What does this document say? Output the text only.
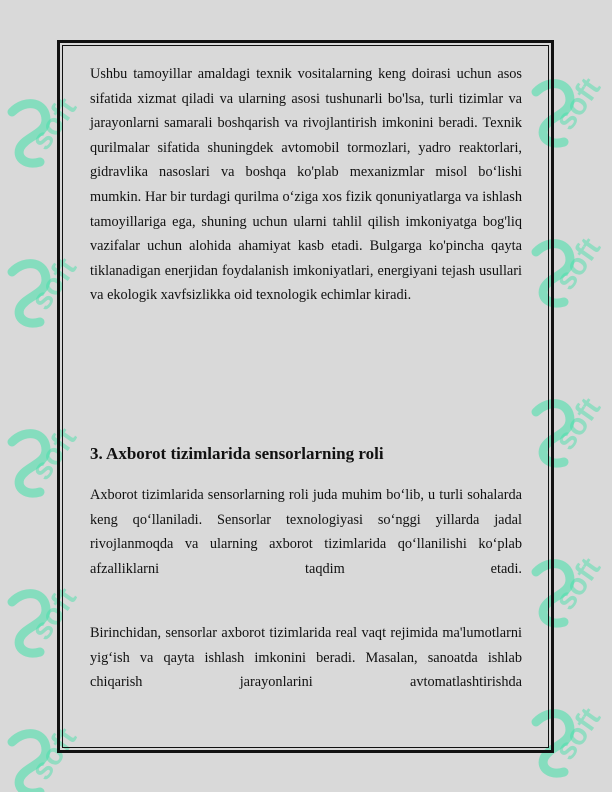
Ushbu tamoyillar amaldagi texnik vositalarning keng doirasi uchun asos sifatida xizmat qiladi va ularning asosi tushunarli bo'lsa, turli tizimlar va jarayonlarni samarali boshqarish va rivojlantirish imkonini beradi. Texnik qurilmalar sifatida shuningdek avtomobil tormozlari, yadro reaktorlari, gidravlika nasoslari va boshqa ko'plab mexanizmlar misol bo‘lishi mumkin. Har bir turdagi qurilma o‘ziga xos fizik qonuniyatlarga va ishlash tamoyillariga ega, shuning uchun ularni tahlil qilish imkoniyatga bog'liq vazifalar uchun alohida ahamiyat kasb etadi. Bulgarga ko'pincha qayta tiklanadigan enerjidan foydalanish imkoniyatlari, energiyani tejash usullari va ekologik xavfsizlikka oid texnologik echimlar kiradi.

3. Axborot tizimlarida sensorlarning roli

Axborot tizimlarida sensorlarning roli juda muhim bo‘lib, u turli sohalarda keng qo‘llaniladi. Sensorlar texnologiyasi so‘nggi yillarda jadal rivojlanmoqda va ularning axborot tizimlarida qo‘llanilishi ko‘plab afzalliklarni taqdim etadi.

Birinchidan, sensorlar axborot tizimlarida real vaqt rejimida ma'lumotlarni yig‘ish va qayta ishlash imkonini beradi. Masalan, sanoatda ishlab chiqarish jarayonlarini avtomatlashtirishda
